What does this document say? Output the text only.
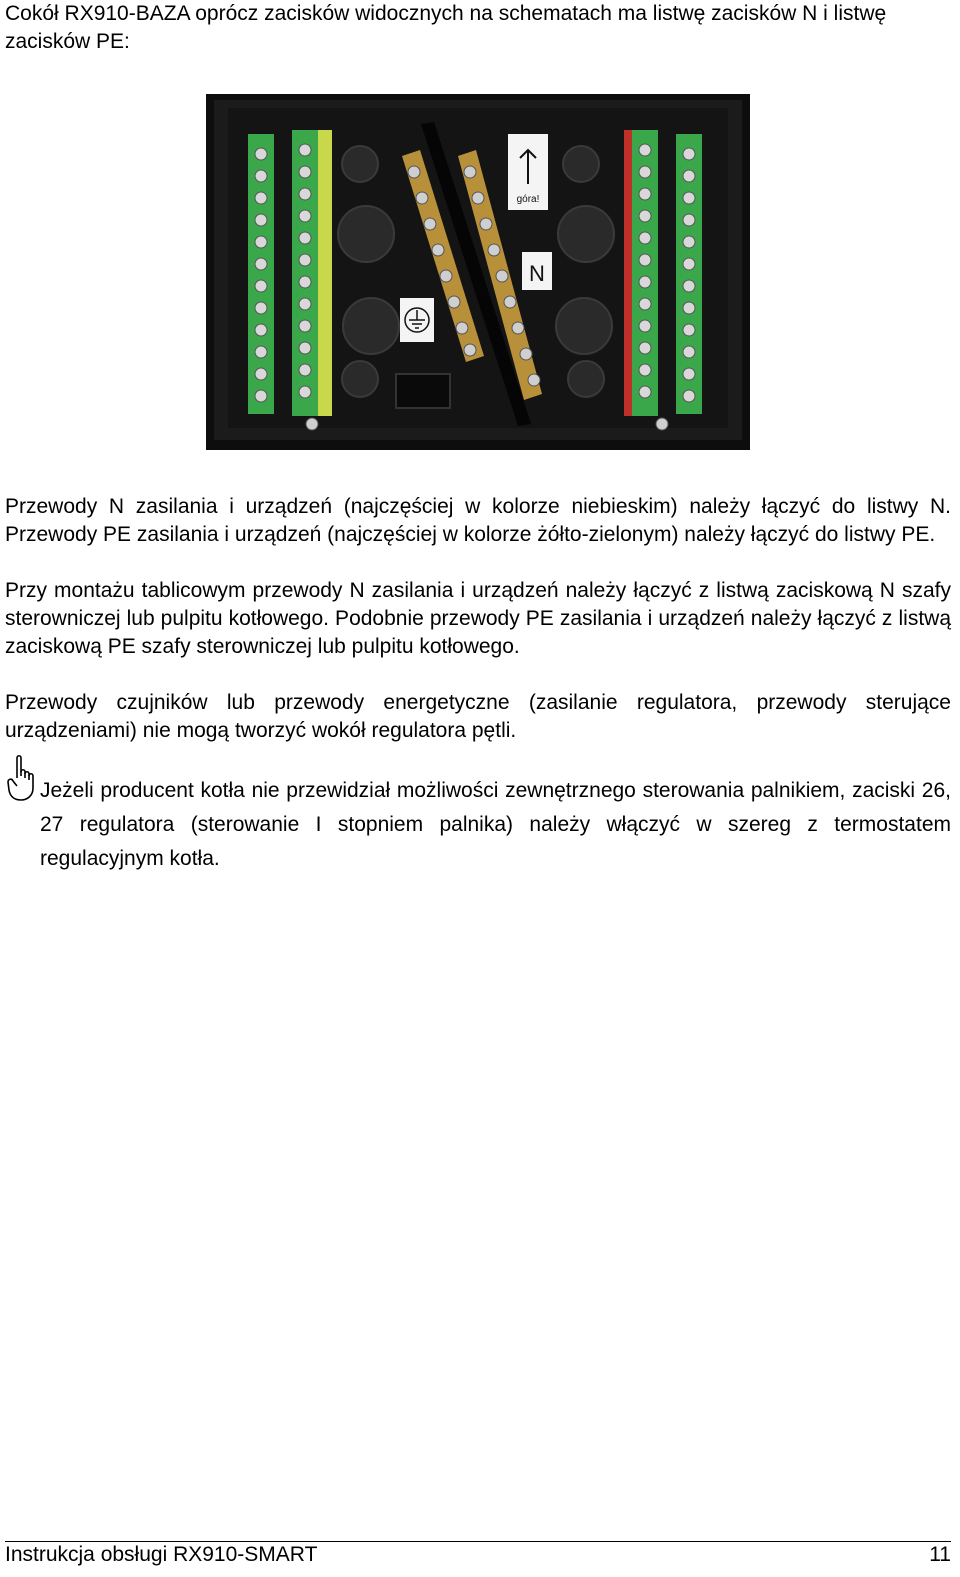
Cokół RX910-BAZA oprócz zacisków widocznych na schematach ma listwę zacisków N i listwę zacisków PE:

góra!
N

Przewody N zasilania i urządzeń (najczęściej w kolorze niebieskim) należy łączyć do listwy N. Przewody PE zasilania i urządzeń (najczęściej w kolorze żółto-zielonym) należy łączyć do listwy PE.

Przy montażu tablicowym przewody N zasilania i urządzeń należy łączyć z listwą zaciskową N szafy sterowniczej lub pulpitu kotłowego. Podobnie przewody PE zasilania i urządzeń należy łączyć z listwą zaciskową PE szafy sterowniczej lub pulpitu kotłowego.

Przewody czujników lub przewody energetyczne (zasilanie regulatora, przewody sterujące urządzeniami) nie mogą tworzyć wokół regulatora pętli.

Jeżeli producent kotła nie przewidział możliwości zewnętrznego sterowania palnikiem, zaciski 26, 27 regulatora (sterowanie I stopniem palnika) należy włączyć w szereg z termostatem regulacyjnym kotła.

Instrukcja obsługi RX910-SMART	11
